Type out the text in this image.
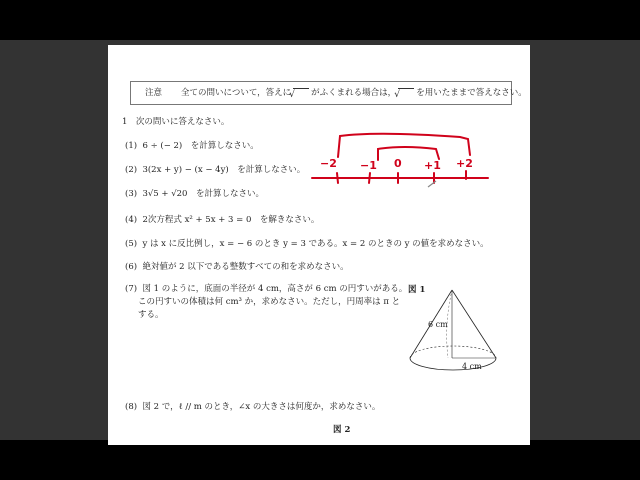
注意 全ての問いについて，答えに √ がふくまれる場合は， √ を用いたままで答えなさい。
1　次の問いに答えなさい。
(1) 6 ÷ (− 2)　を計算しなさい。
(2) 3(2x + y) − (x − 4y)　を計算しなさい。
(3) 3√5 + √20　を計算しなさい。
(4) 2次方程式 x² + 5x + 3 = 0　を解きなさい。
(5) y は x に反比例し，x = − 6 のとき y = 3 である。x = 2 のときの y の値を求めなさい。
(6) 絶対値が 2 以下である整数すべての和を求めなさい。
(7) 図 1 のように，底面の半径が 4 cm，高さが 6 cm の円すいがある。
この円すいの体積は何 cm³ か，求めなさい。ただし，円周率は π と
する。
図 1
6 cm
4 cm
(8) 図 2 で，ℓ // m のとき，∠x の大きさは何度か，求めなさい。
図 2
−2 −1 0 +1 +2
